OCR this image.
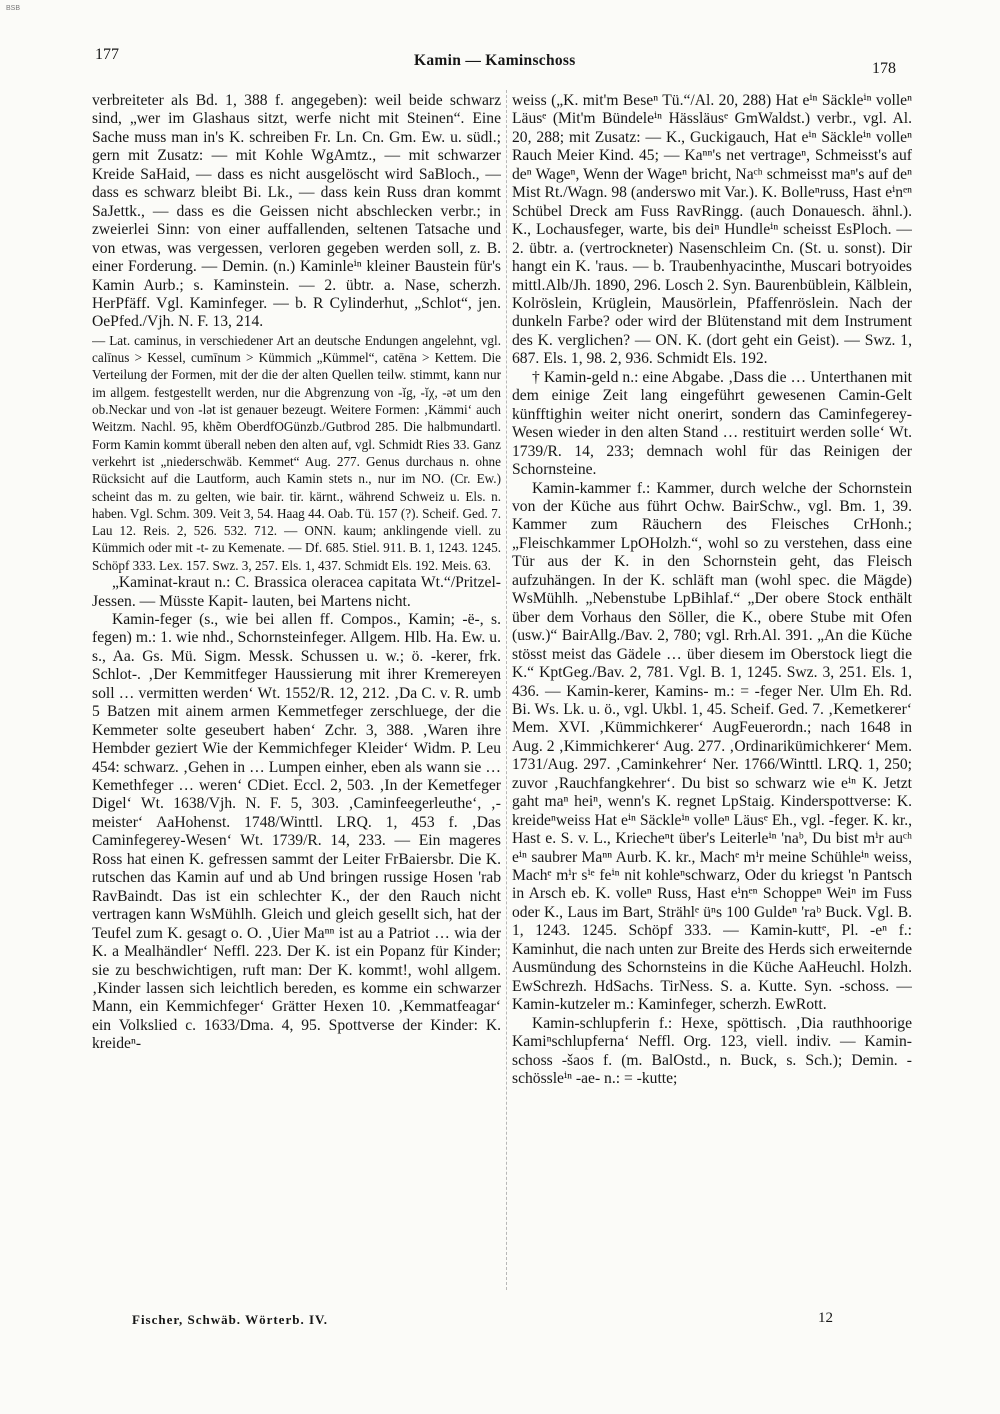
BSB
177	Kamin — Kaminschoss	178

verbreiteter als Bd. 1, 388 f. angegeben): weil beide schwarz sind, „wer im Glashaus sitzt, werfe nicht mit Steinen“. Eine Sache muss man in's K. schreiben Fr. Ln. Cn. Gm. Ew. u. südl.; gern mit Zusatz: — mit Kohle WgAmtz., — mit schwarzer Kreide SaHaid, — dass es nicht ausgelöscht wird SaBloch., — dass es schwarz bleibt Bi. Lk., — dass kein Russ dran kommt SaJettk., — dass es die Geissen nicht abschlecken verbr.; in zweierlei Sinn: von einer auffallenden, seltenen Tatsache und von etwas, was vergessen, verloren gegeben werden soll, z. B. einer Forderung. — Demin. (n.) Kaminleⁱⁿ kleiner Baustein für's Kamin Aurb.; s. Kaminstein. — 2. übtr. a. Nase, scherzh. HerPfäff. Vgl. Kaminfeger. — b. R Cylinderhut, „Schlot“, jen. OePfed./Vjh. N. F. 13, 214.

— Lat. caminus, in verschiedener Art an deutsche Endungen angelehnt, vgl. calīnus > Kessel, cumīnum > Kümmich „Kümmel“, catēna > Kettem. Die Verteilung der Formen, mit der die der alten Quellen teilw. stimmt, kann nur im allgem. festgestellt werden, nur die Abgrenzung von -ĭg, -ĭχ, -ət um den ob.Neckar und von -lət ist genauer bezeugt. Weitere Formen: ‚Kämmi‘ auch Weitzm. Nachl. 95, khẽm OberdfOGünzb./Gutbrod 285. Die halbmundartl. Form Kamin kommt überall neben den alten auf, vgl. Schmidt Ries 33. Ganz verkehrt ist „niederschwäb. Kemmet“ Aug. 277. Genus durchaus n. ohne Rücksicht auf die Lautform, auch Kamin stets n., nur im NO. (Cr. Ew.) scheint das m. zu gelten, wie bair. tir. kärnt., während Schweiz u. Els. n. haben. Vgl. Schm. 309. Veit 3, 54. Haag 44. Oab. Tü. 157 (?). Scheif. Ged. 7. Lau 12. Reis. 2, 526. 532. 712. — ONN. kaum; anklingende viell. zu Kümmich oder mit -t- zu Kemenate. — Df. 685. Stiel. 911. B. 1, 1243. 1245. Schöpf 333. Lex. 157. Swz. 3, 257. Els. 1, 437. Schmidt Els. 192. Meis. 63.

„Kaminat-kraut n.: C. Brassica oleracea capitata Wt.“/Pritzel-Jessen. — Müsste Kapit- lauten, bei Martens nicht.

Kamin-feger (s., wie bei allen ff. Compos., Kamin; -ë-, s. fegen) m.: 1. wie nhd., Schornsteinfeger. Allgem. Hlb. Ha. Ew. u. s., Aa. Gs. Mü. Sigm. Messk. Schussen u. w.; ö. -kerer, frk. Schlot-. ‚Der Kemmitfeger Haussierung mit ihrer Kremereyen soll … vermitten werden‘ Wt. 1552/R. 12, 212. ‚Da C. v. R. umb 5 Batzen mit ainem armen Kemmetfeger zerschluege, der die Kemmeter solte geseubert haben‘ Zchr. 3, 388. ‚Waren ihre Hembder geziert Wie der Kemmichfeger Kleider‘ Widm. P. Leu 454: schwarz. ‚Gehen in … Lumpen einher, eben als wann sie … Kemethfeger … weren‘ CDiet. Eccl. 2, 503. ‚In der Kemetfeger Digel‘ Wt. 1638/Vjh. N. F. 5, 303. ‚Caminfeegerleuthe‘, ‚-meister‘ AaHohenst. 1748/Winttl. LRQ. 1, 453 f. ‚Das Caminfegerey-Wesen‘ Wt. 1739/R. 14, 233. — Ein mageres Ross hat einen K. gefressen sammt der Leiter FrBaiersbr. Die K. rutschen das Kamin auf und ab Und bringen russige Hosen 'rab RavBaindt. Das ist ein schlechter K., der den Rauch nicht vertragen kann WsMühlh. Gleich und gleich gesellt sich, hat der Teufel zum K. gesagt o. O. ‚Uier Maⁿⁿ ist au a Patriot … wia der K. a Mealhändler‘ Neffl. 223. Der K. ist ein Popanz für Kinder; sie zu beschwichtigen, ruft man: Der K. kommt!, wohl allgem. ‚Kinder lassen sich leichtlich bereden, es komme ein schwarzer Mann, ein Kemmichfeger‘ Grätter Hexen 10. ‚Kemmatfeagar‘ ein Volkslied c. 1633/Dma. 4, 95. Spottverse der Kinder: K. kreideⁿ-

weiss („K. mit'm Beseⁿ Tü.“/Al. 20, 288) Hat eⁱⁿ Säckleⁱⁿ volleⁿ Läusᵉ (Mit'm Bündeleⁱⁿ Hässläusᵉ GmWaldst.) verbr., vgl. Al. 20, 288; mit Zusatz: — K., Guckigauch, Hat eⁱⁿ Säckleⁱⁿ volleⁿ Rauch Meier Kind. 45; — Kaⁿⁿ's net vertrageⁿ, Schmeisst's auf deⁿ Wageⁿ, Wenn der Wageⁿ bricht, Naᶜʰ schmeisst maⁿ's auf deⁿ Mist Rt./Wagn. 98 (anderswo mit Var.). K. Bolleⁿruss, Hast eⁱnᵉⁿ Schübel Dreck am Fuss RavRingg. (auch Donauesch. ähnl.). K., Lochausfeger, warte, bis deiⁿ Hundleⁱⁿ scheisst EsPloch. — 2. übtr. a. (vertrockneter) Nasenschleim Cn. (St. u. sonst). Dir hangt ein K. 'raus. — b. Traubenhyacinthe, Muscari botryoides mittl.Alb/Jh. 1890, 296. Losch 2. Syn. Baurenbüblein, Kälblein, Kolröslein, Krüglein, Mausörlein, Pfaffenröslein. Nach der dunkeln Farbe? oder wird der Blütenstand mit dem Instrument des K. verglichen? — ON. K. (dort geht ein Geist). — Swz. 1, 687. Els. 1, 98. 2, 936. Schmidt Els. 192.

† Kamin-geld n.: eine Abgabe. ‚Dass die … Unterthanen mit dem einige Zeit lang eingeführt gewesenen Camin-Gelt künfftighin weiter nicht onerirt, sondern das Caminfegerey-Wesen wieder in den alten Stand … restituirt werden solle‘ Wt. 1739/R. 14, 233; demnach wohl für das Reinigen der Schornsteine.

Kamin-kammer f.: Kammer, durch welche der Schornstein von der Küche aus führt Ochw. BairSchw., vgl. Bm. 1, 39. Kammer zum Räuchern des Fleisches CrHonh.; „Fleischkammer LpOHolzh.“, wohl so zu verstehen, dass eine Tür aus der K. in den Schornstein geht, das Fleisch aufzuhängen. In der K. schläft man (wohl spec. die Mägde) WsMühlh. „Nebenstube LpBihlaf.“ „Der obere Stock enthält über dem Vorhaus den Söller, die K., obere Stube mit Ofen (usw.)“ BairAllg./Bav. 2, 780; vgl. Rrh.Al. 391. „An die Küche stösst meist das Gädele … über diesem im Oberstock liegt die K.“ KptGeg./Bav. 2, 781. Vgl. B. 1, 1245. Swz. 3, 251. Els. 1, 436. — Kamin-kerer, Kamins- m.: = -feger Ner. Ulm Eh. Rd. Bi. Ws. Lk. u. ö., vgl. Ukbl. 1, 45. Scheif. Ged. 7. ‚Kemetkerer‘ Mem. XVI. ‚Kümmichkerer‘ AugFeuerordn.; nach 1648 in Aug. 2 ‚Kimmichkerer‘ Aug. 277. ‚Ordinarikümichkerer‘ Mem. 1731/Aug. 297. ‚Caminkehrer‘ Ner. 1766/Winttl. LRQ. 1, 250; zuvor ‚Rauchfangkehrer‘. Du bist so schwarz wie eⁱⁿ K. Jetzt gaht maⁿ heiⁿ, wenn's K. regnet LpStaig. Kinderspottverse: K. kreideⁿweiss Hat eⁱⁿ Säckleⁱⁿ volleⁿ Läusᵉ Eh., vgl. -feger. K. kr., Hast e. S. v. L., Kriecheⁿt über's Leiterleⁱⁿ 'naᵇ, Du bist mⁱr auᶜʰ eⁱⁿ saubrer Maⁿⁿ Aurb. K. kr., Machᵉ mⁱr meine Schühleⁱⁿ weiss, Machᵉ mⁱr sⁱᵉ feⁱⁿ nit kohleⁿschwarz, Oder du kriegst 'n Pantsch in Arsch eb. K. volleⁿ Russ, Hast eⁱnᵉⁿ Schoppeⁿ Weiⁿ im Fuss oder K., Laus im Bart, Strählᵉ üⁿs 100 Guldeⁿ 'raᵇ Buck. Vgl. B. 1, 1243. 1245. Schöpf 333. — Kamin-kuttᵉ, Pl. -eⁿ f.: Kaminhut, die nach unten zur Breite des Herds sich erweiternde Ausmündung des Schornsteins in die Küche AaHeuchl. Holzh. EwSchrezh. HdSachs. TirNess. S. a. Kutte. Syn. -schoss. — Kamin-kutzeler m.: Kaminfeger, scherzh. EwRott.

Kamin-schlupferin f.: Hexe, spöttisch. ‚Dia rauthhoorige Kamiⁿschlupferna‘ Neffl. Org. 123, viell. indiv. — Kamin-schoss -šaos f. (m. BalOstd., n. Buck, s. Sch.); Demin. -schössleⁱⁿ -ae- n.: = -kutte;

Fischer, Schwäb. Wörterb. IV.	12
